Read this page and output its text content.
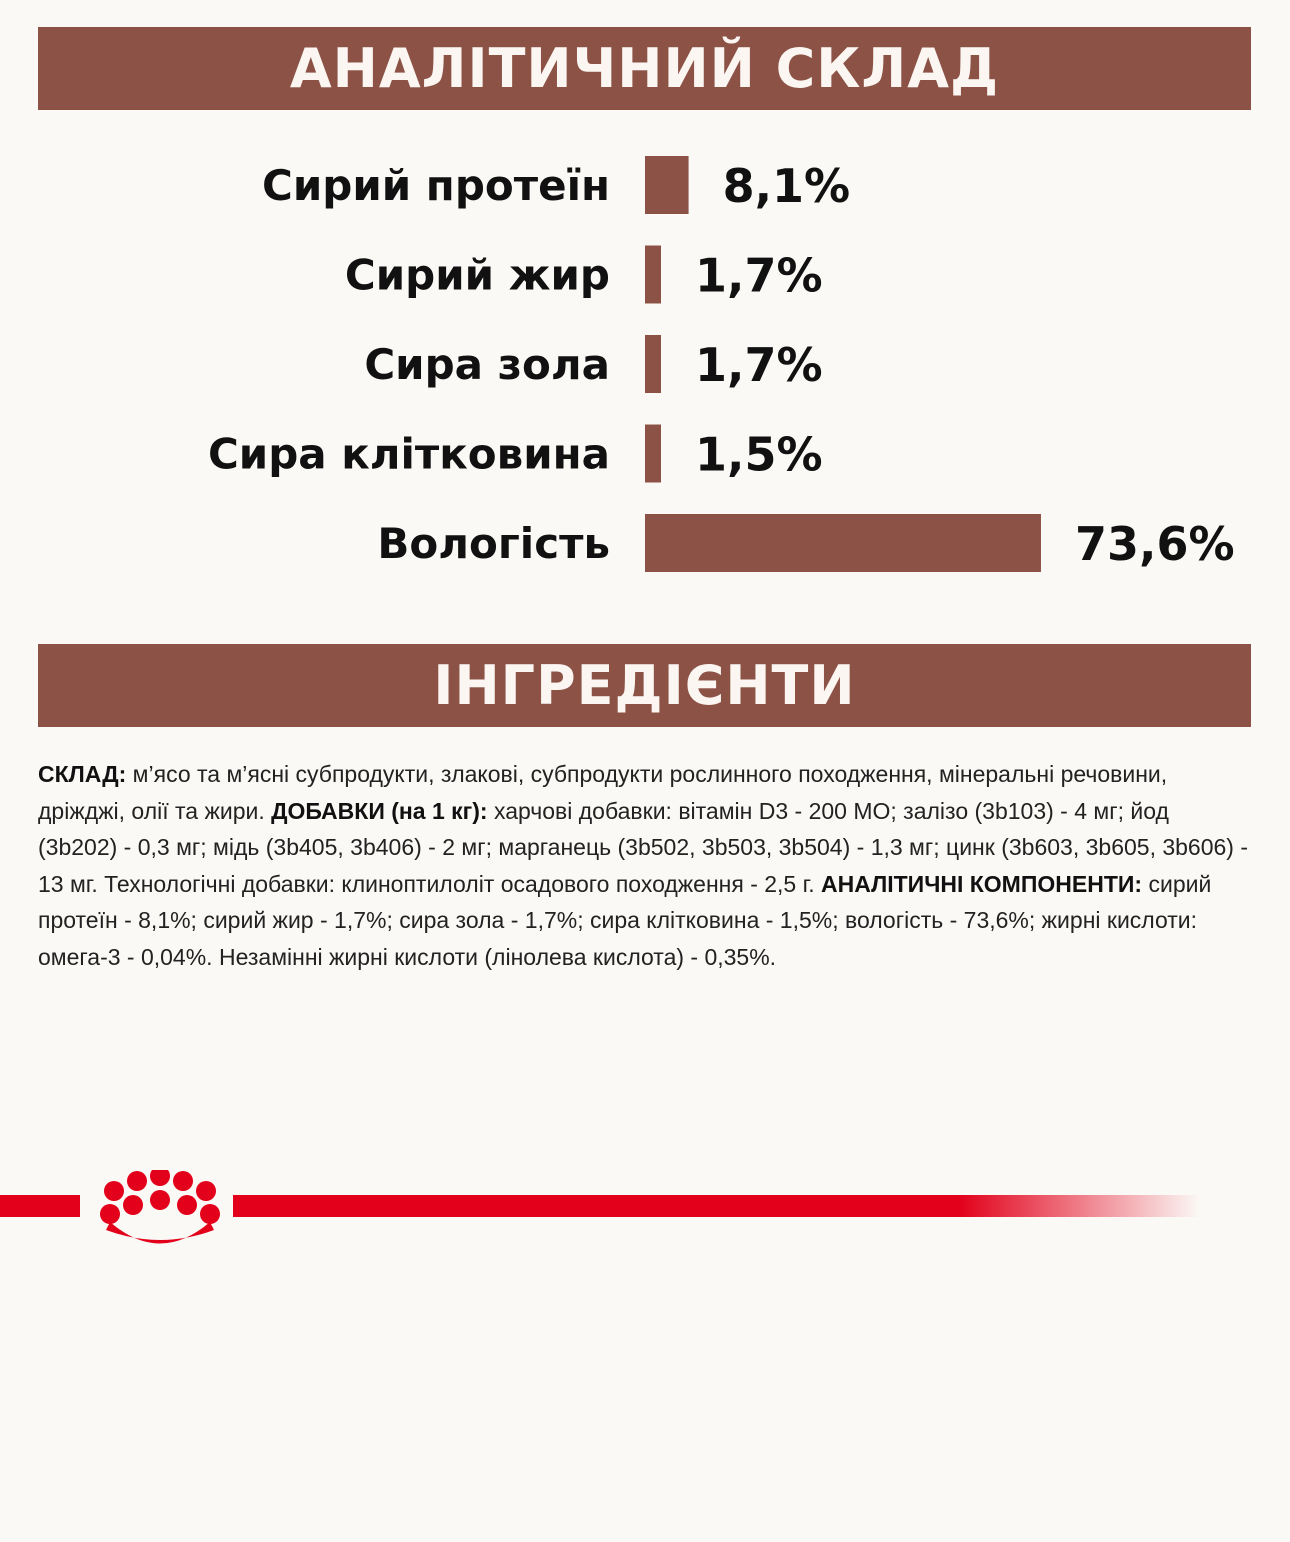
АНАЛІТИЧНИЙ СКЛАД
Сирий протеїн 8,1%
Сирий жир 1,7%
Сира зола 1,7%
Сира клітковина 1,5%
Вологість	73,6%
ІНГРЕДІЄНТИ
СКЛАД: м’ясо та м’ясні субпродукти, злакові, субпродукти рослинного походження, мінеральні речовини, дріжджі, олії та жири. ДОБАВКИ (на 1 кг): харчові добавки: вітамін D3 - 200 МО; залізо (3b103) - 4 мг; йод (3b202) - 0,3 мг; мідь (3b405, 3b406) - 2 мг; марганець (3b502, 3b503, 3b504) - 1,3 мг; цинк (3b603, 3b605, 3b606) - 13 мг. Технологічні добавки: клиноптилоліт осадового походження - 2,5 г. АНАЛІТИЧНІ КОМПОНЕНТИ: сирий протеїн - 8,1%; сирий жир - 1,7%; сира зола - 1,7%; сира клітковина - 1,5%; вологість - 73,6%; жирні кислоти: омега-3 - 0,04%. Незамінні жирні кислоти (лінолева кислота) - 0,35%.
